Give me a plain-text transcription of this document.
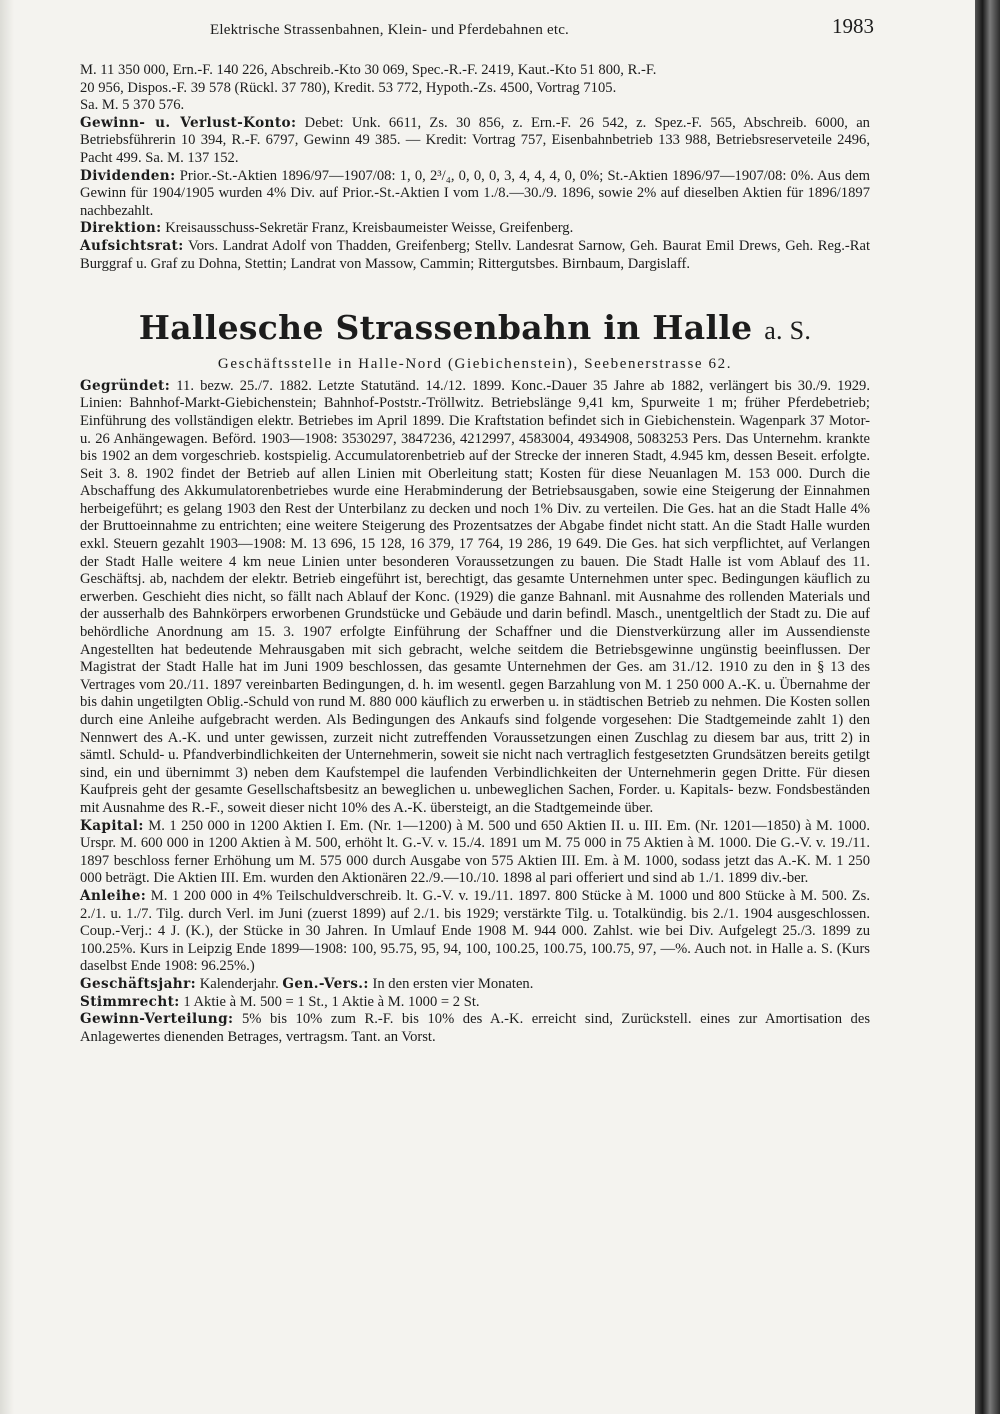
Elektrische Strassenbahnen, Klein- und Pferdebahnen etc.	1983

M. 11 350 000, Ern.-F. 140 226, Abschreib.-Kto 30 069, Spec.-R.-F. 2419, Kaut.-Kto 51 800, R.-F.

20 956, Dispos.-F. 39 578 (Rückl. 37 780), Kredit. 53 772, Hypoth.-Zs. 4500, Vortrag 7105.

Sa. M. 5 370 576.

Gewinn- u. Verlust-Konto: Debet: Unk. 6611, Zs. 30 856, z. Ern.-F. 26 542, z. Spez.-F. 565, Abschreib. 6000, an Betriebsführerin 10 394, R.-F. 6797, Gewinn 49 385. — Kredit: Vortrag 757, Eisenbahnbetrieb 133 988, Betriebsreserveteile 2496, Pacht 499. Sa. M. 137 152.

Dividenden: Prior.-St.-Aktien 1896/97—1907/08: 1, 0, 2³/₄, 0, 0, 0, 3, 4, 4, 4, 0, 0%; St.-Aktien 1896/97—1907/08: 0%. Aus dem Gewinn für 1904/1905 wurden 4% Div. auf Prior.-St.-Aktien I vom 1./8.—30./9. 1896, sowie 2% auf dieselben Aktien für 1896/1897 nachbezahlt.

Direktion: Kreisausschuss-Sekretär Franz, Kreisbaumeister Weisse, Greifenberg.

Aufsichtsrat: Vors. Landrat Adolf von Thadden, Greifenberg; Stellv. Landesrat Sarnow, Geh. Baurat Emil Drews, Geh. Reg.-Rat Burggraf u. Graf zu Dohna, Stettin; Landrat von Massow, Cammin; Rittergutsbes. Birnbaum, Dargislaff.

Hallesche Strassenbahn in Halle a. S.
Geschäftsstelle in Halle-Nord (Giebichenstein), Seebenerstrasse 62.

Gegründet: 11. bezw. 25./7. 1882. Letzte Statutänd. 14./12. 1899. Konc.-Dauer 35 Jahre ab 1882, verlängert bis 30./9. 1929. Linien: Bahnhof-Markt-Giebichenstein; Bahnhof-Poststr.-Tröllwitz. Betriebslänge 9,41 km, Spurweite 1 m; früher Pferdebetrieb; Einführung des vollständigen elektr. Betriebes im April 1899. Die Kraftstation befindet sich in Giebichenstein. Wagenpark 37 Motor- u. 26 Anhängewagen. Beförd. 1903—1908: 3530297, 3847236, 4212997, 4583004, 4934908, 5083253 Pers. Das Unternehm. krankte bis 1902 an dem vorgeschrieb. kostspielig. Accumulatorenbetrieb auf der Strecke der inneren Stadt, 4.945 km, dessen Beseit. erfolgte. Seit 3. 8. 1902 findet der Betrieb auf allen Linien mit Oberleitung statt; Kosten für diese Neuanlagen M. 153 000. Durch die Abschaffung des Akkumulatorenbetriebes wurde eine Herabminderung der Betriebsausgaben, sowie eine Steigerung der Einnahmen herbeigeführt; es gelang 1903 den Rest der Unterbilanz zu decken und noch 1% Div. zu verteilen. Die Ges. hat an die Stadt Halle 4% der Bruttoeinnahme zu entrichten; eine weitere Steigerung des Prozentsatzes der Abgabe findet nicht statt. An die Stadt Halle wurden exkl. Steuern gezahlt 1903—1908: M. 13 696, 15 128, 16 379, 17 764, 19 286, 19 649. Die Ges. hat sich verpflichtet, auf Verlangen der Stadt Halle weitere 4 km neue Linien unter besonderen Voraussetzungen zu bauen. Die Stadt Halle ist vom Ablauf des 11. Geschäftsj. ab, nachdem der elektr. Betrieb eingeführt ist, berechtigt, das gesamte Unternehmen unter spec. Bedingungen käuflich zu erwerben. Geschieht dies nicht, so fällt nach Ablauf der Konc. (1929) die ganze Bahnanl. mit Ausnahme des rollenden Materials und der ausserhalb des Bahnkörpers erworbenen Grundstücke und Gebäude und darin befindl. Masch., unentgeltlich der Stadt zu. Die auf behördliche Anordnung am 15. 3. 1907 erfolgte Einführung der Schaffner und die Dienstverkürzung aller im Aussendienste Angestellten hat bedeutende Mehrausgaben mit sich gebracht, welche seitdem die Betriebsgewinne ungünstig beeinflussen. Der Magistrat der Stadt Halle hat im Juni 1909 beschlossen, das gesamte Unternehmen der Ges. am 31./12. 1910 zu den in § 13 des Vertrages vom 20./11. 1897 vereinbarten Bedingungen, d. h. im wesentl. gegen Barzahlung von M. 1 250 000 A.-K. u. Übernahme der bis dahin ungetilgten Oblig.-Schuld von rund M. 880 000 käuflich zu erwerben u. in städtischen Betrieb zu nehmen. Die Kosten sollen durch eine Anleihe aufgebracht werden. Als Bedingungen des Ankaufs sind folgende vorgesehen: Die Stadtgemeinde zahlt 1) den Nennwert des A.-K. und unter gewissen, zurzeit nicht zutreffenden Voraussetzungen einen Zuschlag zu diesem bar aus, tritt 2) in sämtl. Schuld- u. Pfandverbindlichkeiten der Unternehmerin, soweit sie nicht nach vertraglich festgesetzten Grundsätzen bereits getilgt sind, ein und übernimmt 3) neben dem Kaufstempel die laufenden Verbindlichkeiten der Unternehmerin gegen Dritte. Für diesen Kaufpreis geht der gesamte Gesellschaftsbesitz an beweglichen u. unbeweglichen Sachen, Forder. u. Kapitals- bezw. Fondsbeständen mit Ausnahme des R.-F., soweit dieser nicht 10% des A.-K. übersteigt, an die Stadtgemeinde über.

Kapital: M. 1 250 000 in 1200 Aktien I. Em. (Nr. 1—1200) à M. 500 und 650 Aktien II. u. III. Em. (Nr. 1201—1850) à M. 1000. Urspr. M. 600 000 in 1200 Aktien à M. 500, erhöht lt. G.-V. v. 15./4. 1891 um M. 75 000 in 75 Aktien à M. 1000. Die G.-V. v. 19./11. 1897 beschloss ferner Erhöhung um M. 575 000 durch Ausgabe von 575 Aktien III. Em. à M. 1000, sodass jetzt das A.-K. M. 1 250 000 beträgt. Die Aktien III. Em. wurden den Aktionären 22./9.—10./10. 1898 al pari offeriert und sind ab 1./1. 1899 div.-ber.

Anleihe: M. 1 200 000 in 4% Teilschuldverschreib. lt. G.-V. v. 19./11. 1897. 800 Stücke à M. 1000 und 800 Stücke à M. 500. Zs. 2./1. u. 1./7. Tilg. durch Verl. im Juni (zuerst 1899) auf 2./1. bis 1929; verstärkte Tilg. u. Totalkündig. bis 2./1. 1904 ausgeschlossen. Coup.-Verj.: 4 J. (K.), der Stücke in 30 Jahren. In Umlauf Ende 1908 M. 944 000. Zahlst. wie bei Div. Aufgelegt 25./3. 1899 zu 100.25%. Kurs in Leipzig Ende 1899—1908: 100, 95.75, 95, 94, 100, 100.25, 100.75, 100.75, 97, —%. Auch not. in Halle a. S. (Kurs daselbst Ende 1908: 96.25%.)

Geschäftsjahr: Kalenderjahr. Gen.-Vers.: In den ersten vier Monaten.

Stimmrecht: 1 Aktie à M. 500 = 1 St., 1 Aktie à M. 1000 = 2 St.

Gewinn-Verteilung: 5% bis 10% zum R.-F. bis 10% des A.-K. erreicht sind, Zurückstell. eines zur Amortisation des Anlagewertes dienenden Betrages, vertragsm. Tant. an Vorst.
